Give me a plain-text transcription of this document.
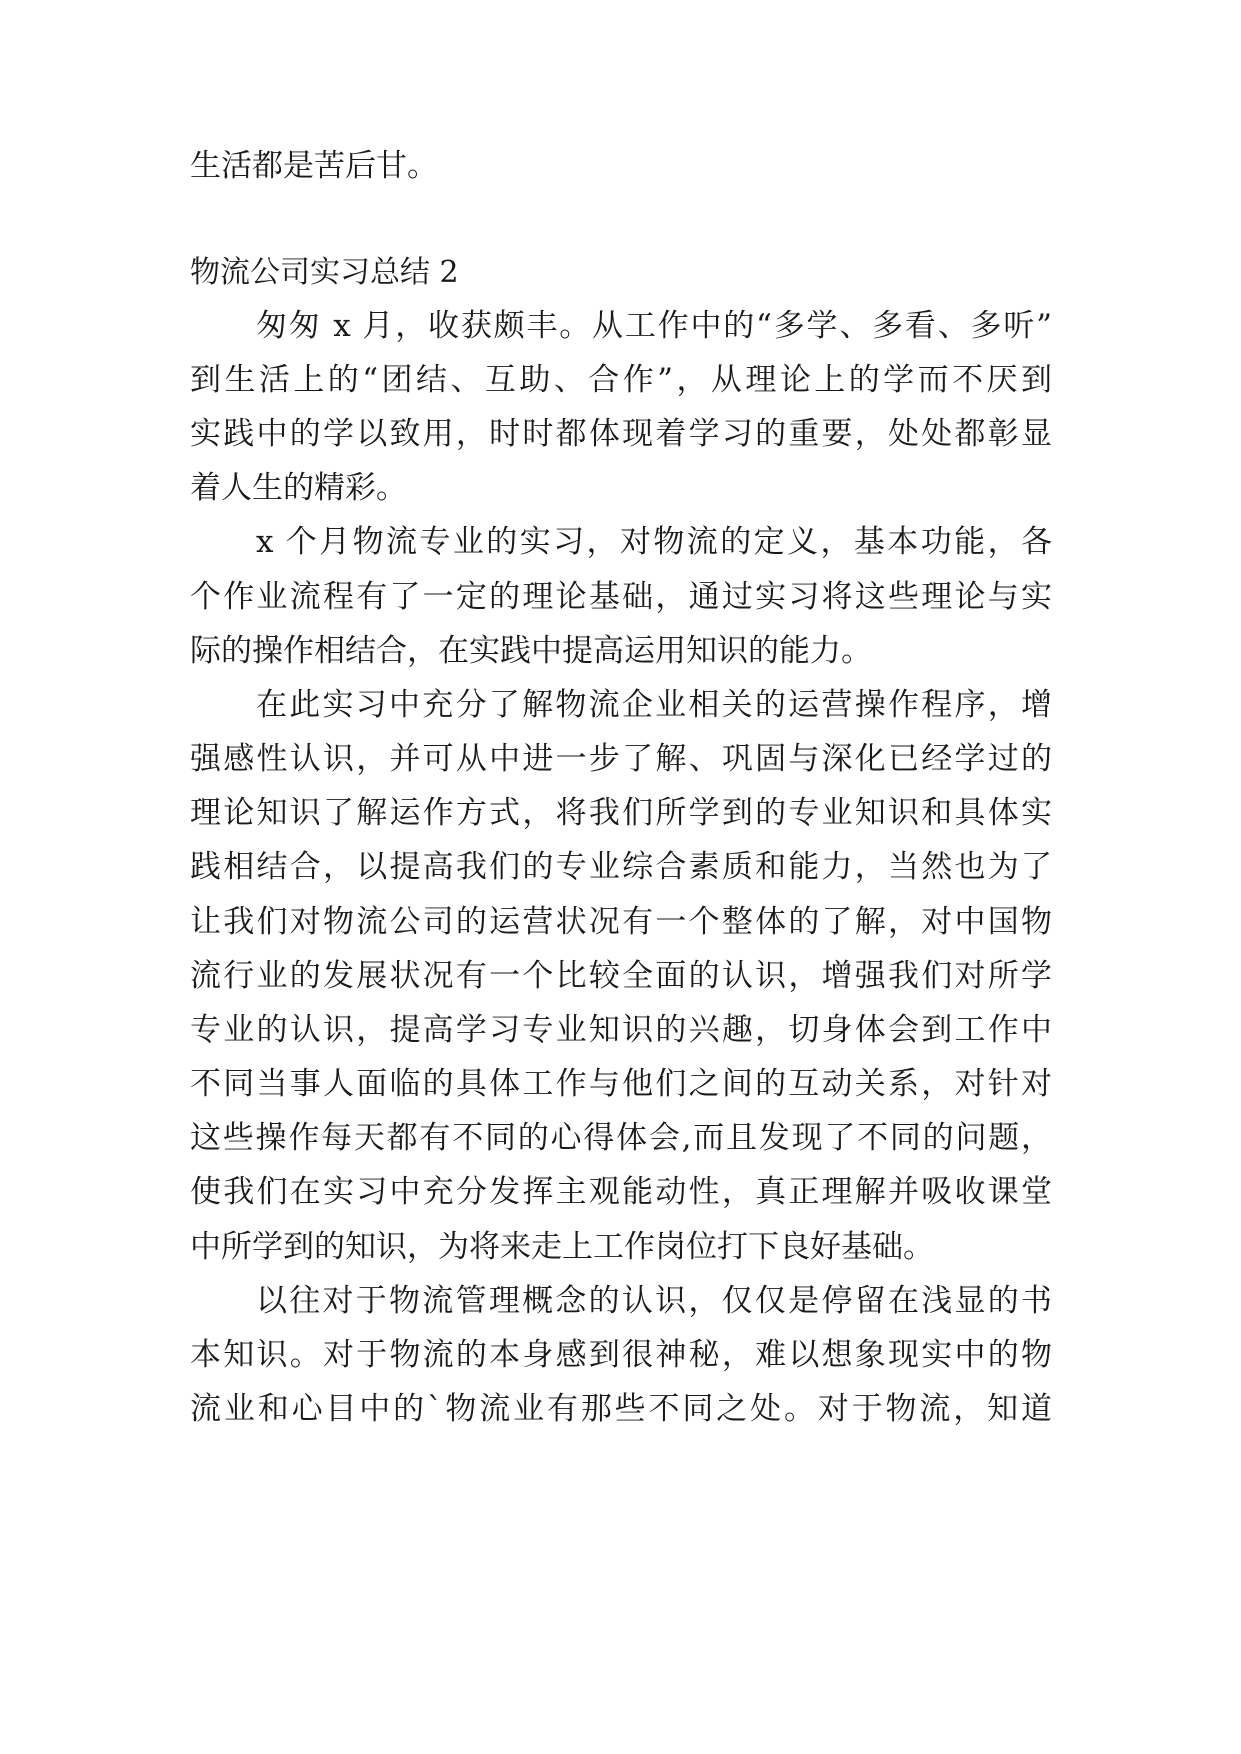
生活都是苦后甘。
物流公司实习总结 2
匆匆 x 月，收获颇丰。从工作中的“多学、多看、多听”
到生活上的“团结、互助、合作”，从理论上的学而不厌到
实践中的学以致用，时时都体现着学习的重要，处处都彰显
着人生的精彩。
x 个月物流专业的实习，对物流的定义，基本功能，各
个作业流程有了一定的理论基础，通过实习将这些理论与实
际的操作相结合，在实践中提高运用知识的能力。
在此实习中充分了解物流企业相关的运营操作程序，增
强感性认识，并可从中进一步了解、巩固与深化已经学过的
理论知识了解运作方式，将我们所学到的专业知识和具体实
践相结合，以提高我们的专业综合素质和能力，当然也为了
让我们对物流公司的运营状况有一个整体的了解，对中国物
流行业的发展状况有一个比较全面的认识，增强我们对所学
专业的认识，提高学习专业知识的兴趣，切身体会到工作中
不同当事人面临的具体工作与他们之间的互动关系，对针对
这些操作每天都有不同的心得体会,而且发现了不同的问题，
使我们在实习中充分发挥主观能动性，真正理解并吸收课堂
中所学到的知识，为将来走上工作岗位打下良好基础。
以往对于物流管理概念的认识，仅仅是停留在浅显的书
本知识。对于物流的本身感到很神秘，难以想象现实中的物
流业和心目中的`物流业有那些不同之处。对于物流，知道
